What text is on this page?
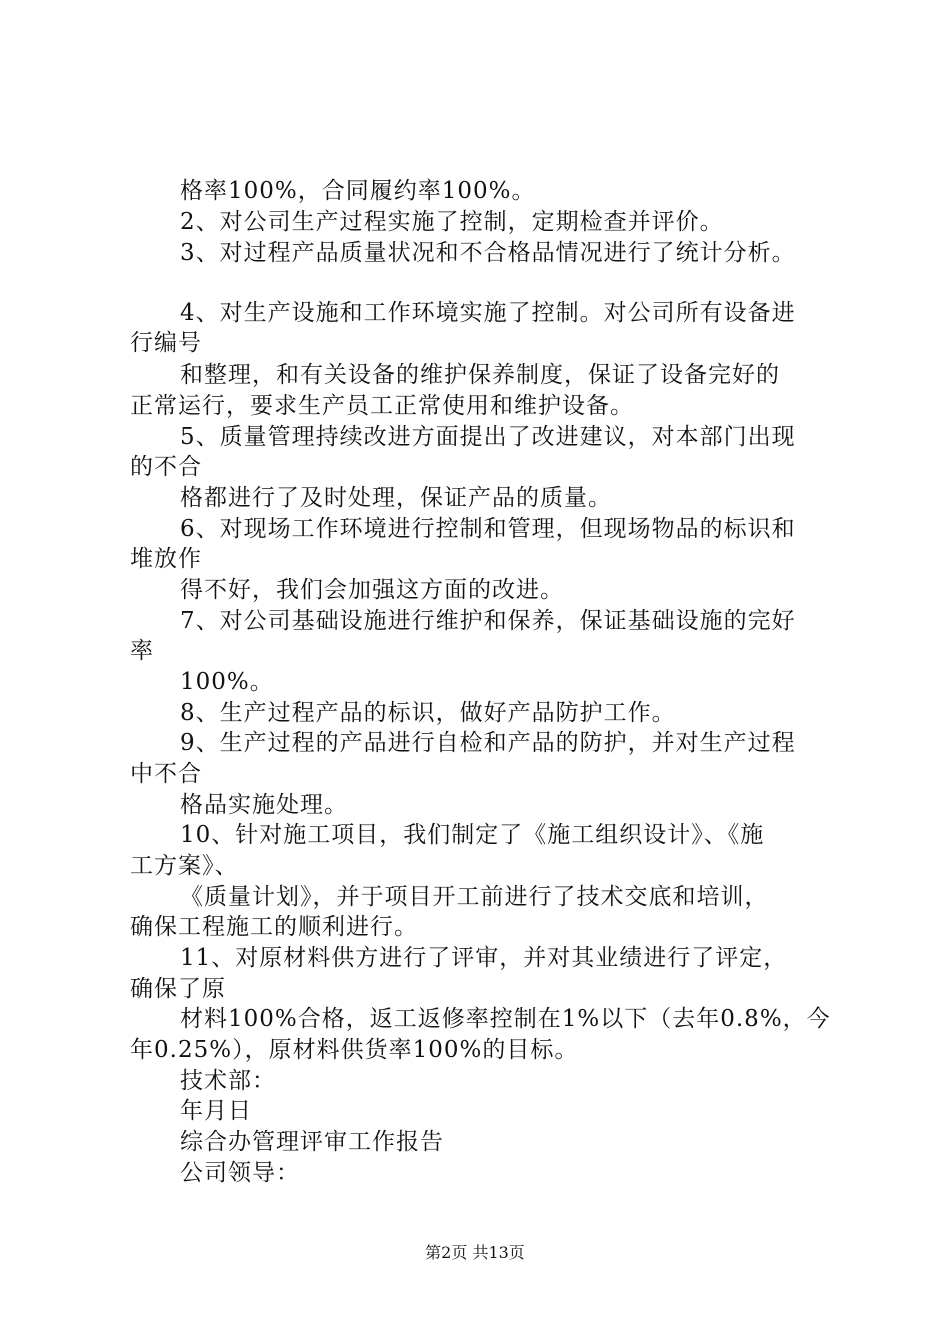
格率100%，合同履约率100%。
2、对公司生产过程实施了控制，定期检查并评价。
3、对过程产品质量状况和不合格品情况进行了统计分析。
4、对生产设施和工作环境实施了控制。对公司所有设备进
行编号
和整理，和有关设备的维护保养制度，保证了设备完好的
正常运行，要求生产员工正常使用和维护设备。
5、质量管理持续改进方面提出了改进建议，对本部门出现
的不合
格都进行了及时处理，保证产品的质量。
6、对现场工作环境进行控制和管理，但现场物品的标识和
堆放作
得不好，我们会加强这方面的改进。
7、对公司基础设施进行维护和保养，保证基础设施的完好
率
100%。
8、生产过程产品的标识，做好产品防护工作。
9、生产过程的产品进行自检和产品的防护，并对生产过程
中不合
格品实施处理。
10、针对施工项目，我们制定了《施工组织设计》、《施
工方案》、
《质量计划》，并于项目开工前进行了技术交底和培训，
确保工程施工的顺利进行。
11、对原材料供方进行了评审，并对其业绩进行了评定，
确保了原
材料100%合格，返工返修率控制在1%以下（去年0.8%，今
年0.25%），原材料供货率100%的目标。
技术部：
年月日
综合办管理评审工作报告
公司领导：
第2页 共13页
